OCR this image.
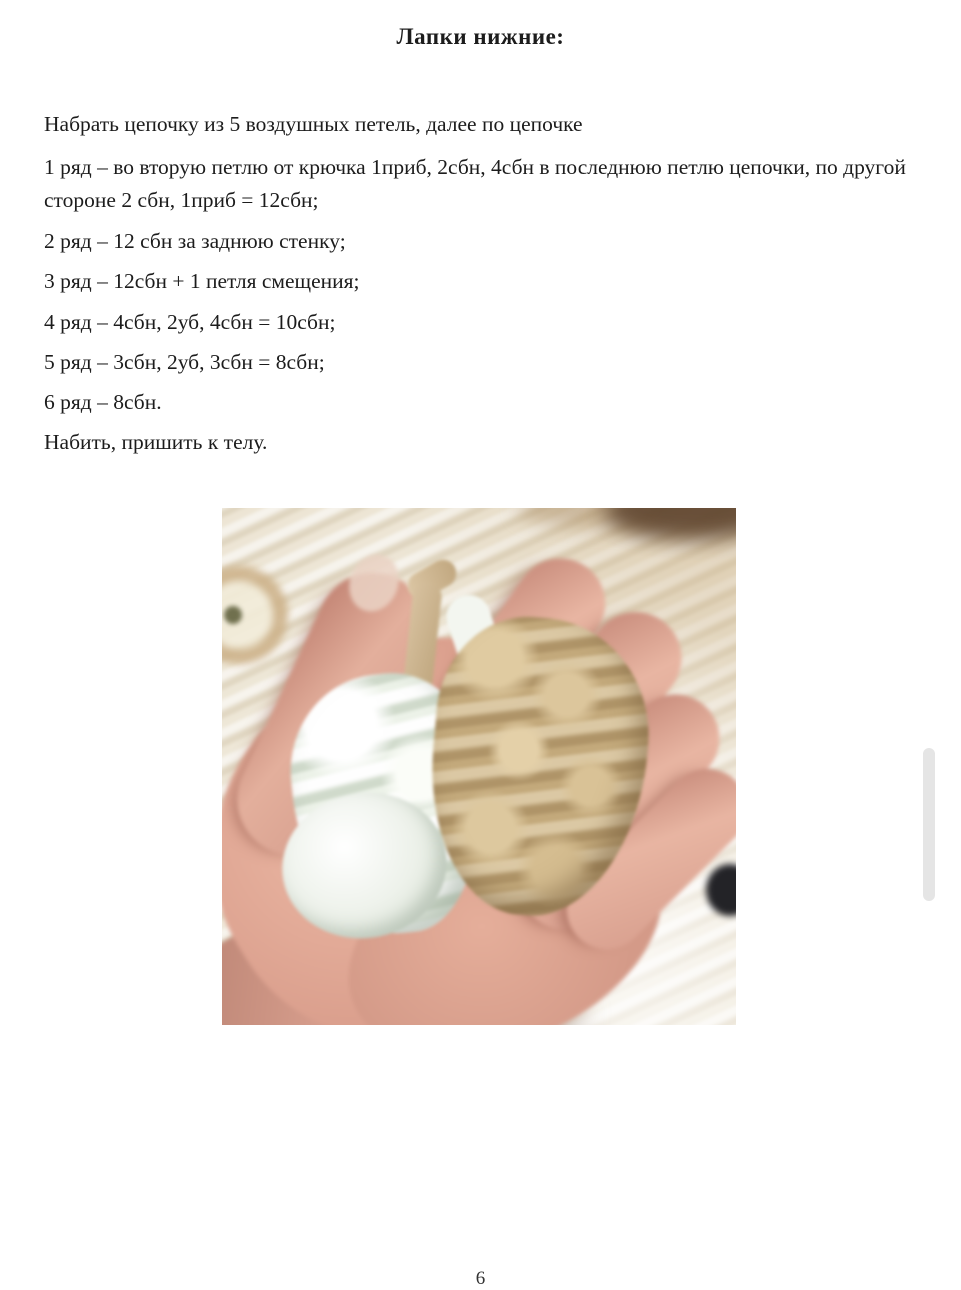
Лапки нижние:

Набрать цепочку из 5 воздушных петель, далее по цепочке

1 ряд – во вторую петлю от крючка 1приб, 2сбн, 4сбн в последнюю петлю цепочки, по другой стороне 2 сбн, 1приб = 12сбн;

2 ряд – 12 сбн за заднюю стенку;

3 ряд – 12сбн + 1 петля смещения;

4 ряд – 4сбн, 2уб, 4сбн = 10сбн;

5 ряд – 3сбн, 2уб, 3сбн = 8сбн;

6 ряд – 8сбн.

Набить, пришить к телу.

6
